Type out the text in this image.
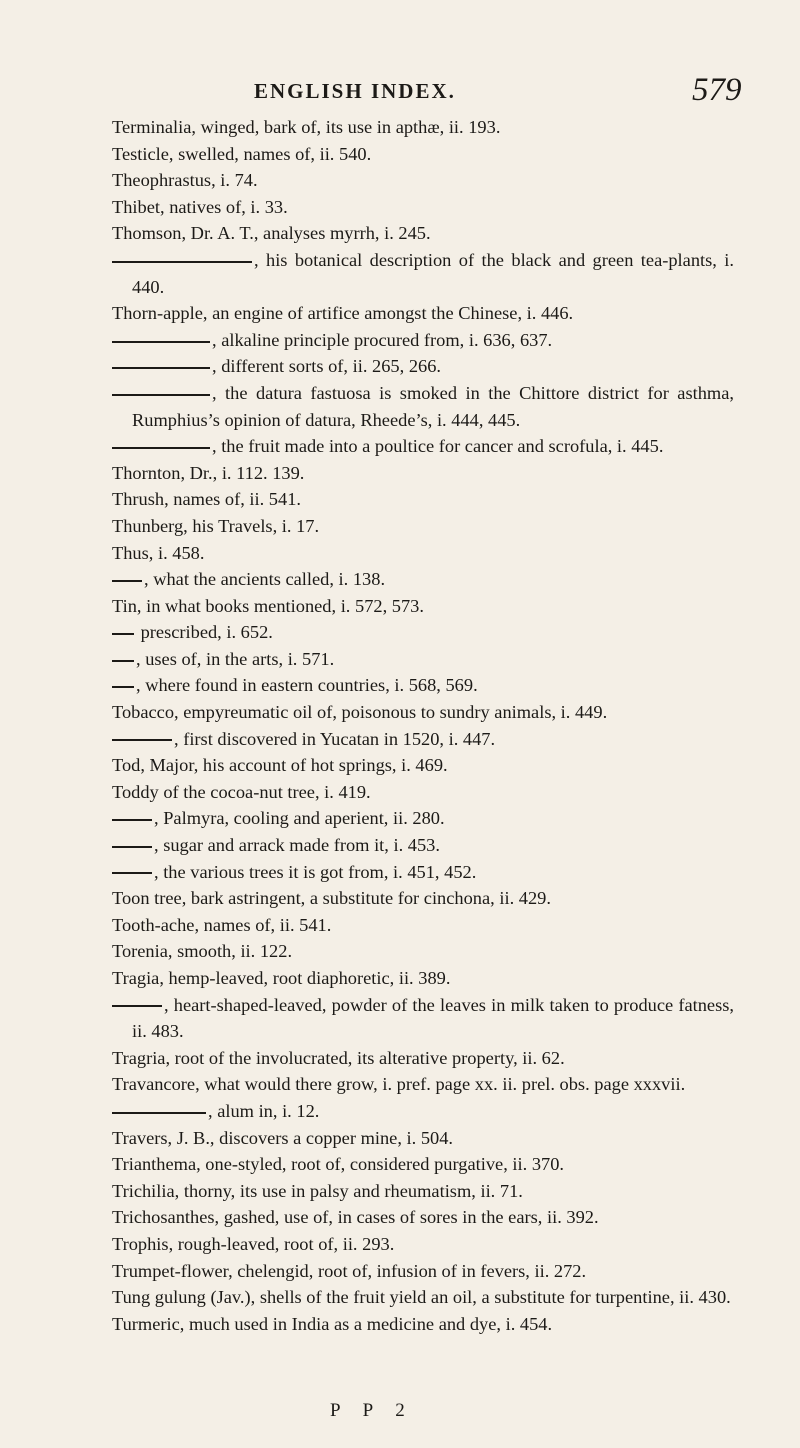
ENGLISH INDEX.	579
Terminalia, winged, bark of, its use in apthæ, ii. 193.
Testicle, swelled, names of, ii. 540.
Theophrastus, i. 74.
Thibet, natives of, i. 33.
Thomson, Dr. A. T., analyses myrrh, i. 245.
, his botanical description of the black and green tea-plants, i. 440.
Thorn-apple, an engine of artifice amongst the Chinese, i. 446.
, alkaline principle procured from, i. 636, 637.
, different sorts of, ii. 265, 266.
, the datura fastuosa is smoked in the Chittore district for asthma, Rumphius’s opinion of datura, Rheede’s, i. 444, 445.
, the fruit made into a poultice for cancer and scrofula, i. 445.
Thornton, Dr., i. 112. 139.
Thrush, names of, ii. 541.
Thunberg, his Travels, i. 17.
Thus, i. 458.
, what the ancients called, i. 138.
Tin, in what books mentioned, i. 572, 573.
prescribed, i. 652.
, uses of, in the arts, i. 571.
, where found in eastern countries, i. 568, 569.
Tobacco, empyreumatic oil of, poisonous to sundry animals, i. 449.
, first discovered in Yucatan in 1520, i. 447.
Tod, Major, his account of hot springs, i. 469.
Toddy of the cocoa-nut tree, i. 419.
, Palmyra, cooling and aperient, ii. 280.
, sugar and arrack made from it, i. 453.
, the various trees it is got from, i. 451, 452.
Toon tree, bark astringent, a substitute for cinchona, ii. 429.
Tooth-ache, names of, ii. 541.
Torenia, smooth, ii. 122.
Tragia, hemp-leaved, root diaphoretic, ii. 389.
, heart-shaped-leaved, powder of the leaves in milk taken to produce fatness, ii. 483.
Tragria, root of the involucrated, its alterative property, ii. 62.
Travancore, what would there grow, i. pref. page xx. ii. prel. obs. page xxxvii.
, alum in, i. 12.
Travers, J. B., discovers a copper mine, i. 504.
Trianthema, one-styled, root of, considered purgative, ii. 370.
Trichilia, thorny, its use in palsy and rheumatism, ii. 71.
Trichosanthes, gashed, use of, in cases of sores in the ears, ii. 392.
Trophis, rough-leaved, root of, ii. 293.
Trumpet-flower, chelengid, root of, infusion of in fevers, ii. 272.
Tung gulung (Jav.), shells of the fruit yield an oil, a substitute for turpentine, ii. 430.
Turmeric, much used in India as a medicine and dye, i. 454.
P P 2
